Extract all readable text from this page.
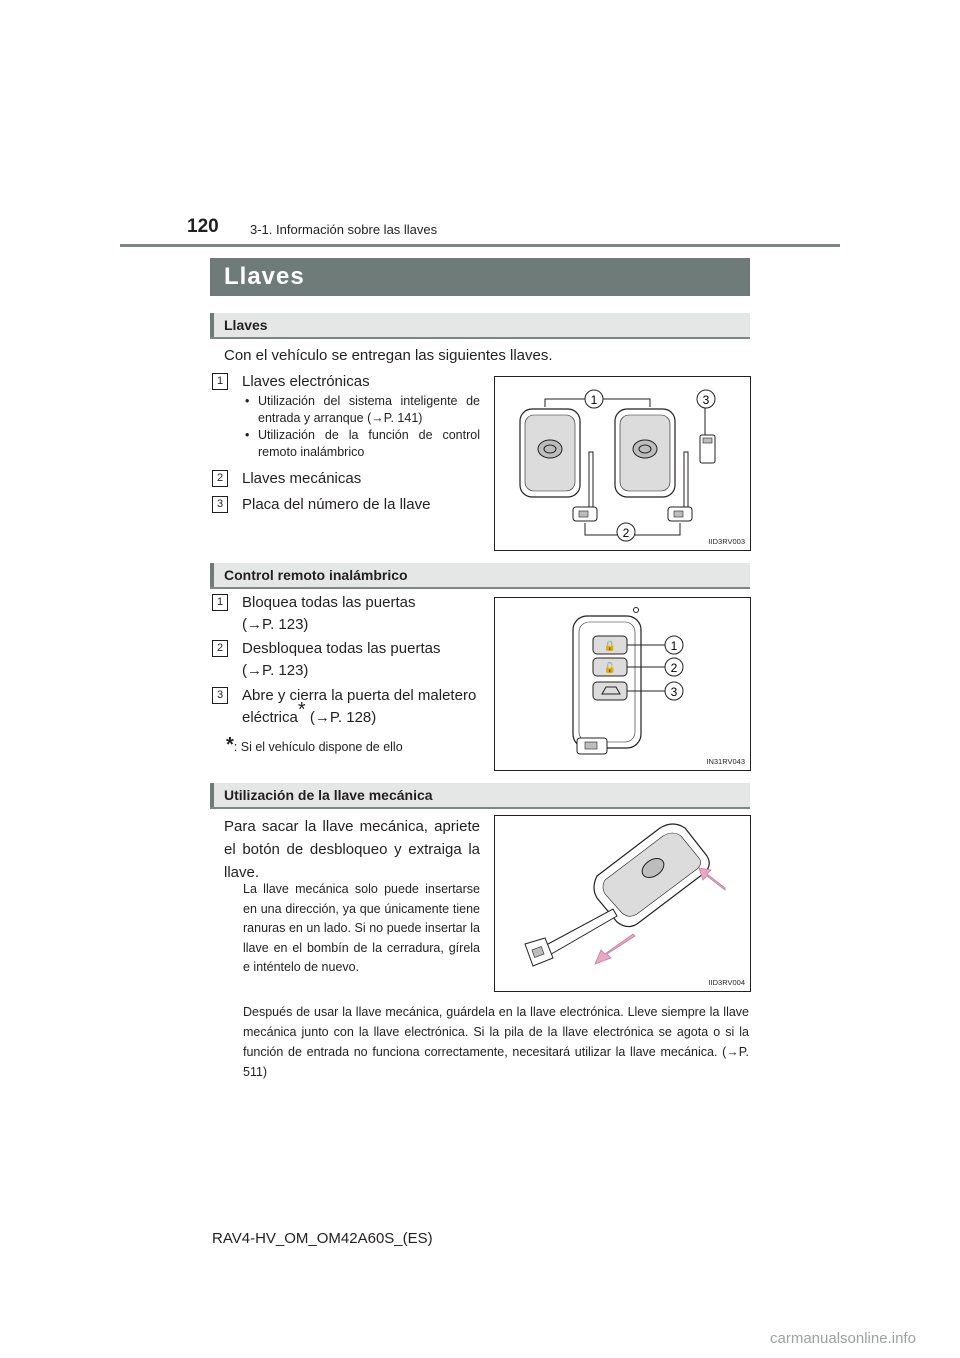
120 3-1. Información sobre las llaves
Llaves
Llaves
Con el vehículo se entregan las siguientes llaves.
1	Llaves electrónicas
• Utilización del sistema inteligente de entrada y arranque (→P. 141)
• Utilización de la función de control remoto inalámbrico
2	Llaves mecánicas
3	Placa del número de la llave
1	3
2
IID3RV003
Control remoto inalámbrico
1	Bloquea todas las puertas
(→P. 123)
2	Desbloquea todas las puertas
(→P. 123)
3	Abre y cierra la puerta del maletero
eléctrica* (→P. 128)
*: Si el vehículo dispone de ello
🔒
🔓
1
2
3
IN31RV043
Utilización de la llave mecánica
Para sacar la llave mecánica, apriete el botón de desbloqueo y extraiga la llave.
La llave mecánica solo puede insertarse en una dirección, ya que únicamente tiene ranuras en un lado. Si no puede insertar la llave en el bombín de la cerradura, gírela e inténtelo de nuevo.
Después de usar la llave mecánica, guárdela en la llave electrónica. Lleve siempre la llave mecánica junto con la llave electrónica. Si la pila de la llave electrónica se agota o si la función de entrada no funciona correctamente, necesitará utilizar la llave mecánica. (→P. 511)
IID3RV004
RAV4-HV_OM_OM42A60S_(ES)
carmanualsonline.info
